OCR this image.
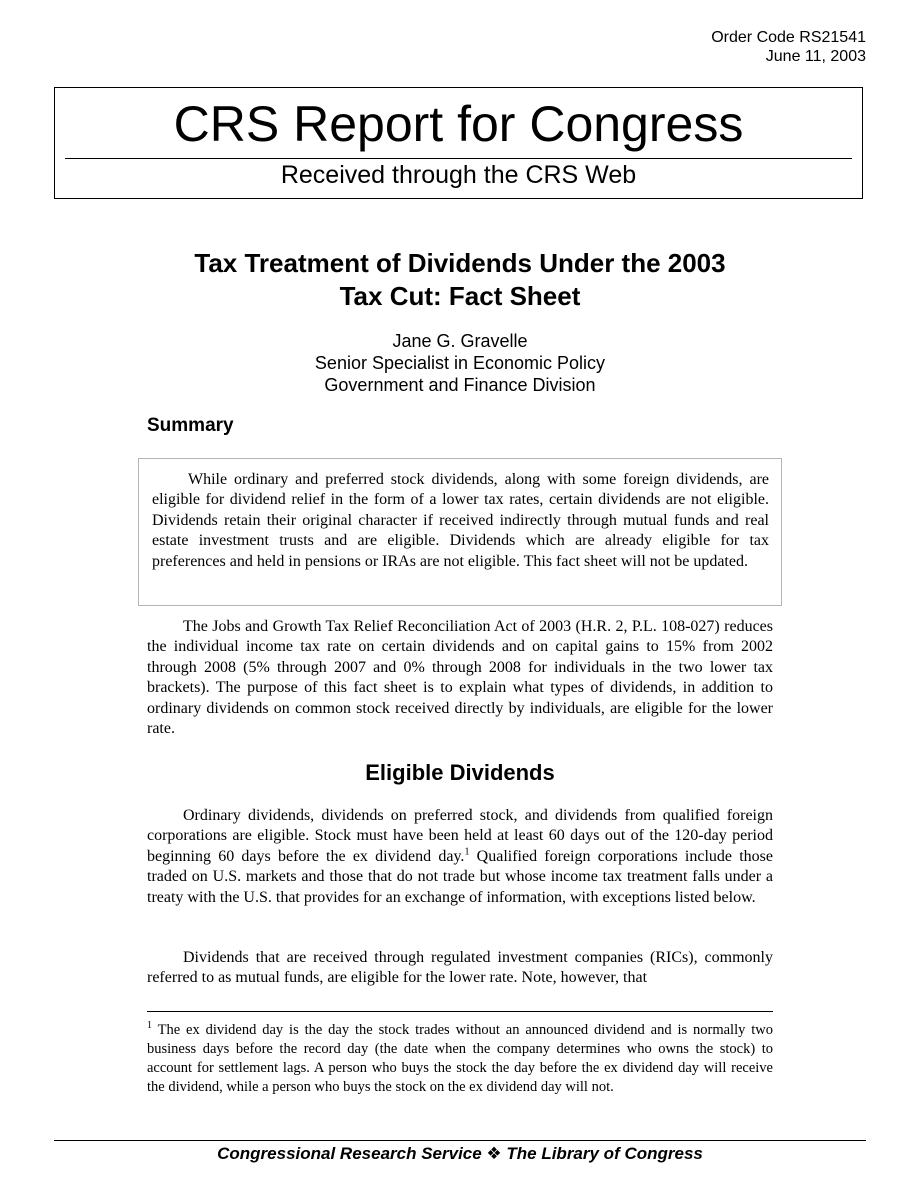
Order Code RS21541
June 11, 2003
CRS Report for Congress
Received through the CRS Web
Tax Treatment of Dividends Under the 2003
Tax Cut: Fact Sheet
Jane G. Gravelle
Senior Specialist in Economic Policy
Government and Finance Division
Summary

While ordinary and preferred stock dividends, along with some foreign dividends, are eligible for dividend relief in the form of a lower tax rates, certain dividends are not eligible. Dividends retain their original character if received indirectly through mutual funds and real estate investment trusts and are eligible. Dividends which are already eligible for tax preferences and held in pensions or IRAs are not eligible. This fact sheet will not be updated.

The Jobs and Growth Tax Relief Reconciliation Act of 2003 (H.R. 2, P.L. 108-027) reduces the individual income tax rate on certain dividends and on capital gains to 15% from 2002 through 2008 (5% through 2007 and 0% through 2008 for individuals in the two lower tax brackets). The purpose of this fact sheet is to explain what types of dividends, in addition to ordinary dividends on common stock received directly by individuals, are eligible for the lower rate.

Eligible Dividends

Ordinary dividends, dividends on preferred stock, and dividends from qualified foreign corporations are eligible. Stock must have been held at least 60 days out of the 120-day period beginning 60 days before the ex dividend day.$^1$ Qualified foreign corporations include those traded on U.S. markets and those that do not trade but whose income tax treatment falls under a treaty with the U.S. that provides for an exchange of information, with exceptions listed below.

Dividends that are received through regulated investment companies (RICs), commonly referred to as mutual funds, are eligible for the lower rate. Note, however, that

$^1$ The ex dividend day is the day the stock trades without an announced dividend and is normally two business days before the record day (the date when the company determines who owns the stock) to account for settlement lags. A person who buys the stock the day before the ex dividend day will receive the dividend, while a person who buys the stock on the ex dividend day will not.

Congressional Research Service ❖ The Library of Congress
